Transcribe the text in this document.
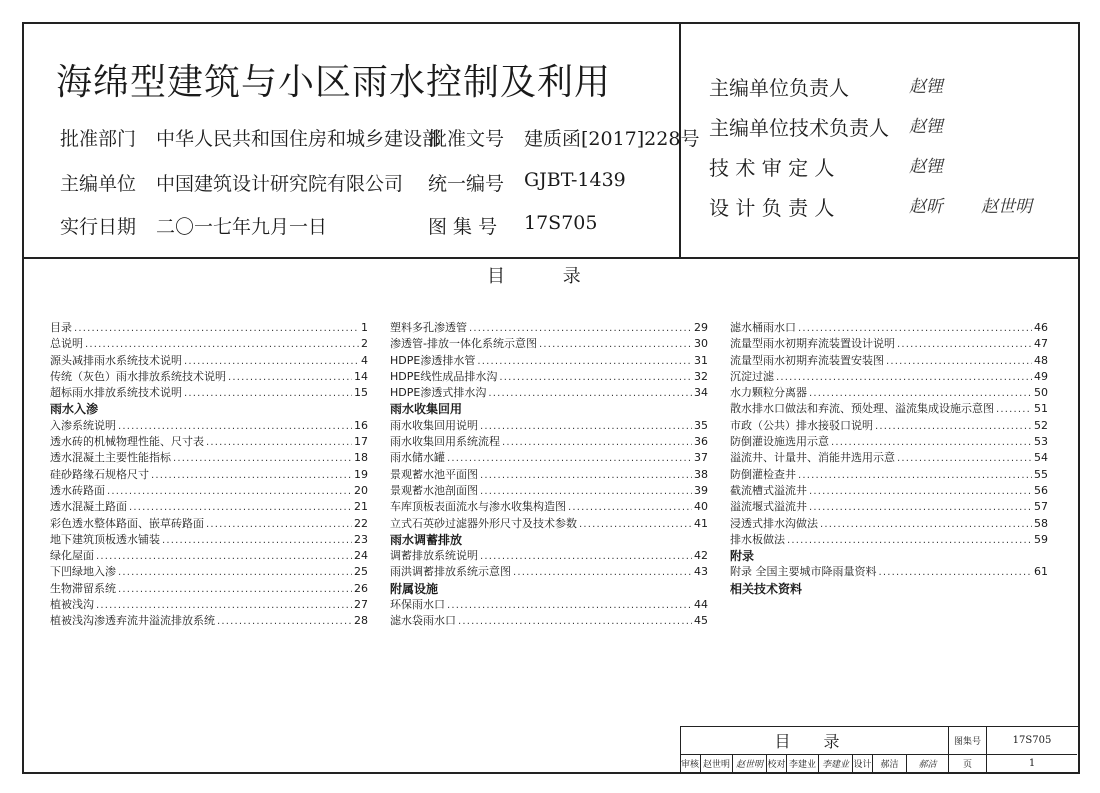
海绵型建筑与小区雨水控制及利用
批准部门 中华人民共和国住房和城乡建设部
批准文号 建质函[2017]228号
主编单位 中国建筑设计研究院有限公司 统一编号 GJBT-1439
实行日期 二〇一七年九月一日	图 集 号 17S705
主编单位负责人	赵锂
主编单位技术负责人 赵锂
技 术 审 定 人	赵锂
设 计 负 责 人	赵昕 赵世明
目 录
目录 .....	1
总说明 .....	2
源头减排雨水系统技术说明 .....	4
传统（灰色）雨水排放系统技术说明 .....	14
超标雨水排放系统技术说明 .....	15
雨水入渗
入渗系统说明 .....	16
透水砖的机械物理性能、尺寸表 .....	17
透水混凝土主要性能指标 .....	18
硅砂路缘石规格尺寸 .....	19
透水砖路面 .....	20
透水混凝土路面 .....	21
彩色透水整体路面、嵌草砖路面 .....	22
地下建筑顶板透水铺装 .....	23
绿化屋面 .....	24
下凹绿地入渗 .....	25
生物滞留系统 .....	26
植被浅沟 .....	27
植被浅沟渗透弃流井溢流排放系统 .....	28
塑料多孔渗透管 .....	29
渗透管-排放一体化系统示意图 .....	30
HDPE渗透排水管 .....	31
HDPE线性成品排水沟 .....	32
HDPE渗透式排水沟 .....	34
雨水收集回用
雨水收集回用说明 .....	35
雨水收集回用系统流程 .....	36
雨水储水罐 .....	37
景观蓄水池平面图 .....	38
景观蓄水池剖面图 .....	39
车库顶板表面流水与渗水收集构造图 .....	40
立式石英砂过滤器外形尺寸及技术参数 .....	41
雨水调蓄排放
调蓄排放系统说明 .....	42
雨洪调蓄排放系统示意图 .....	43
附属设施
环保雨水口 .....	44
滤水袋雨水口 .....	45
滤水桶雨水口 .....	46
流量型雨水初期弃流装置设计说明 .....	47
流量型雨水初期弃流装置安装图 .....	48
沉淀过滤 .....	49
水力颗粒分离器 .....	50
散水排水口做法和弃流、预处理、溢流集成设施示意图 .....	51
市政（公共）排水接驳口说明 .....	52
防倒灌设施选用示意 .....	53
溢流井、计量井、消能井选用示意 .....	54
防倒灌检查井 .....	55
截流槽式溢流井 .....	56
溢流堰式溢流井 .....	57
浸透式排水沟做法 .....	58
排水板做法 .....	59
附录
附录 全国主要城市降雨量资料 .....	61
相关技术资料
目 录	图集号	17S705
审核 赵世明 赵世明 校对 李建业 李建业 设计 郝洁	郝洁	页	1
